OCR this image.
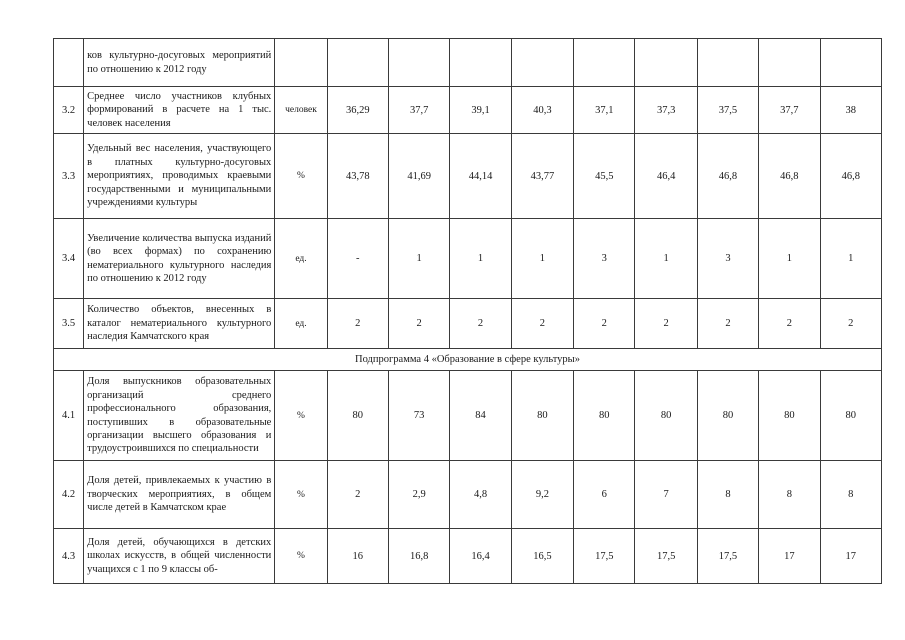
	ков культурно-досуговых мероприятий по отношению к 2012 году										
3.2	Среднее число участников клубных формирований в расчете на 1 тыс. человек населения	человек	36,29	37,7	39,1	40,3	37,1	37,3	37,5	37,7	38
3.3	Удельный вес населения, участвующего в платных культурно-досуговых мероприятиях, проводимых краевыми государственными и муниципальными учреждениями культуры	%	43,78	41,69	44,14	43,77	45,5	46,4	46,8	46,8	46,8
3.4	Увеличение количества выпуска изданий (во всех формах) по сохранению нематериального культурного наследия по отношению к 2012 году	ед.	-	1	1	1	3	1	3	1	1
3.5	Количество объектов, внесенных в каталог нематериального культурного наследия Камчатского края	ед.	2	2	2	2	2	2	2	2	2
Подпрограмма 4 «Образование в сфере культуры»											
4.1	Доля выпускников образовательных организаций среднего профессионального образования, поступивших в образовательные организации высшего образования и трудоустроившихся по специальности	%	80	73	84	80	80	80	80	80	80
4.2	Доля детей, привлекаемых к участию в творческих мероприятиях, в общем числе детей в Камчатском крае	%	2	2,9	4,8	9,2	6	7	8	8	8
4.3	Доля детей, обучающихся в детских школах искусств, в общей численности учащихся с 1 по 9 классы об-	%	16	16,8	16,4	16,5	17,5	17,5	17,5	17	17
